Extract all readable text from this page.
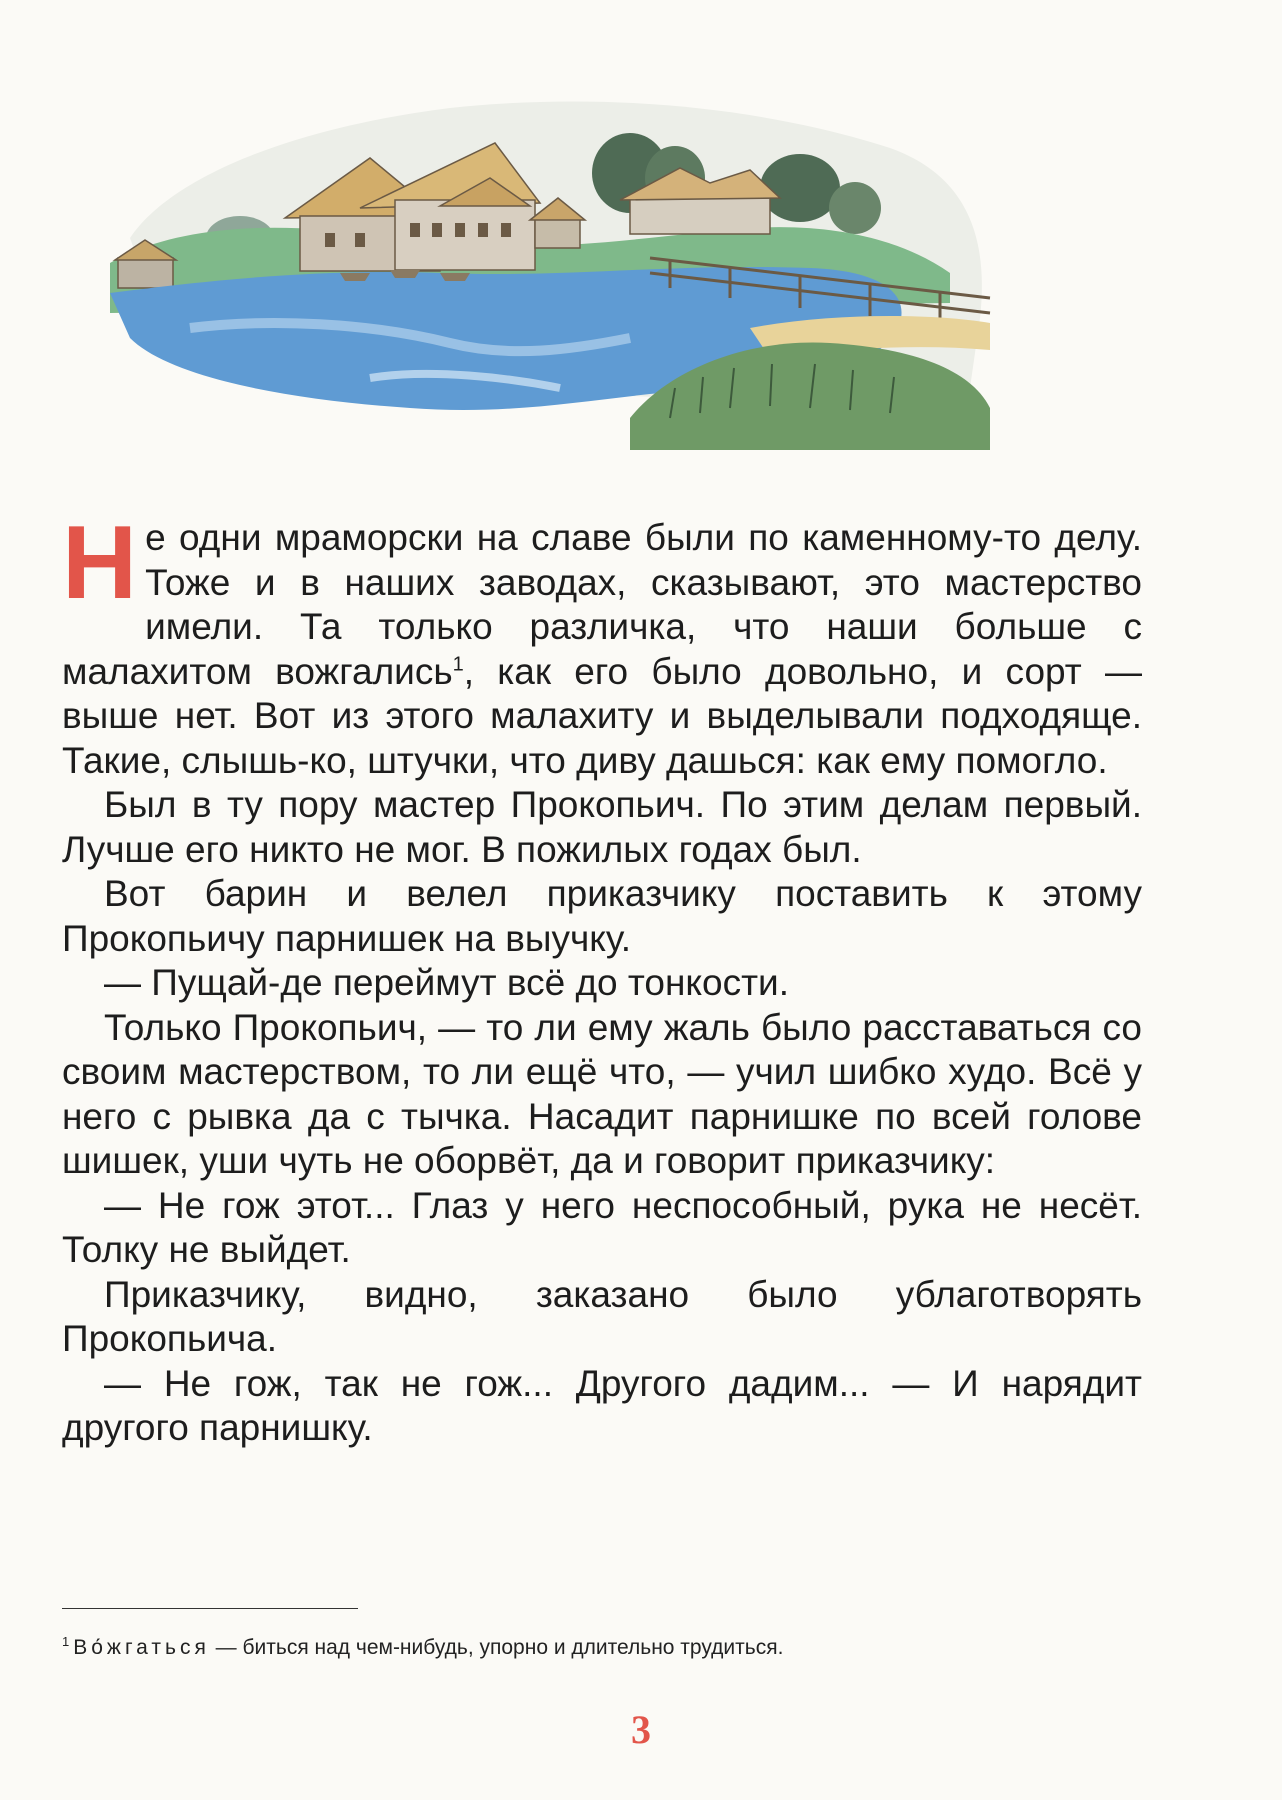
Не одни мраморски на славе были по каменному-то делу. Тоже и в наших заводах, сказывают, это мастерство имели. Та только различка, что наши больше с малахитом вожгались$^1$, как его было довольно, и сорт — выше нет. Вот из этого малахиту и выделывали подходяще. Такие, слышь-ко, штучки, что диву дашься: как ему помогло.

Был в ту пору мастер Прокопьич. По этим делам первый. Лучше его никто не мог. В пожилых годах был.

Вот барин и велел приказчику поставить к этому Прокопьичу парнишек на выучку.

— Пущай-де переймут всё до тонкости.

Только Прокопьич, — то ли ему жаль было расставаться со своим мастерством, то ли ещё что, — учил шибко худо. Всё у него с рывка да с тычка. Насадит парнишке по всей голове шишек, уши чуть не оборвёт, да и говорит приказчику:

— Не гож этот... Глаз у него неспособный, рука не несёт. Толку не выйдет.

Приказчику, видно, заказано было ублаготворять Прокопьича.

— Не гож, так не гож... Другого дадим... — И нарядит другого парнишку.

$^1$ Во́жгаться — биться над чем-нибудь, упорно и длительно трудиться.
3
